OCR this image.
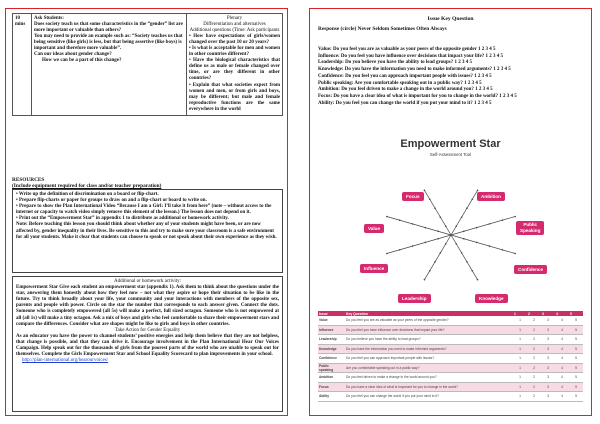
10 mins	
Ask Students:
Does society teach us that some characteristics in the “gender” list are more important or valuable than others?
You may need to provide an example such as: “Society teaches us that being sensitive (like girls) is less, but that being assertive (like boys) is important and therefore more valuable”.
Can our ideas about gender change?
How we can be a part of this change?

Plenary
Differentiation and alternatives
Additional questions (Time: Ask participants
• How have expectations of girls/women changed over the past 10 or 20 years?
• Is what is acceptable for men and women in other countries different?
• Have the biological characteristics that define us as male or female changed over time, or are they different in other countries?
• Explain that what societies expect from women and men, or from girls and boys, may be different; but male and female reproductive functions are the same everywhere in the world
RESOURCES
(Include equipment required for class and/or teacher preparation)
• Write up the definition of discrimination on a board or flip-chart.
• Prepare flip-charts or paper for groups to draw on and a flip-chart or board to write on.
• Prepare to show the Plan International Video “Because I am a Girl: I’ll take it from here” (note – without access to the internet or capacity to watch video simply remove this element of the lesson.) The lesson does not depend on it.
• Print out the “Empowerment Star” in appendix 1 to distribute as additional or homework activity.
Note: Before teaching this lesson you should think about whether any of your students might have been, or are now affected by, gender inequality in their lives. Be sensitive to this and try to make sure your classroom is a safe environment for all your students. Make it clear that students can choose to speak or not speak about their own experience as they wish.
Additional or homework activity:
Empowerment Star Give each student an empowerment star (appendix 1). Ask them to think about the questions under the star, answering them honestly about how they feel now – not what they aspire or hope their situation to be like in the future. Try to think broadly about your life, your community and your interactions with members of the opposite sex, parents and people with power. Circle on the star the number that corresponds to each answer given. Connect the dots. Someone who is completely empowered (all 5s) will make a perfect, full sized octagon. Someone who is not empowered at all (all 1s) will make a tiny octagon. Ask a mix of boys and girls who feel comfortable to share their empowerment stars and compare the differences. Consider what are shapes might be like to girls and boys in other countries.
Take Action for Gender Equality
As an educator you have the power to channel students’ positive energies and help them believe that they are not helpless, that change is possible, and that they can drive it. Encourage involvement in the Plan International Hear Our Voices Campaign. Help speak out for the thousands of girls from the poorest parts of the world who are unable to speak out for themselves. Complete the Girls Empowerment Star and School Equality Scorecard to plan improvements in your school.
http://plan-international.org/hearourvoices/
Issue Key Question
Response (circle) Never Seldom Sometimes Often Always
Value: Do you feel you are as valuable as your peers of the opposite gender 1 2 3 4 5
Influence: Do you feel you have influence over decisions that impact your life? 1 2 3 4 5
Leadership: Do you believe you have the ability to lead groups? 1 2 3 4 5
Knowledge: Do you have the information you need to make informed arguments? 1 2 3 4 5
Confidence: Do you feel you can approach important people with issues? 1 2 3 4 5
Public speaking: Are you comfortable speaking out in a public way? 1 2 3 4 5
Ambition: Do you feel driven to make a change in the world around you? 1 2 3 4 5
Focus: Do you have a clear idea of what is important for you to change in the world? 1 2 3 4 5
Ability: Do you feel you can change the world if you put your mind to it? 1 2 3 4 5
Empowerment Star
Self-Assessment Tool
Focus	Ambition
Value
Public
Speaking
Influence	Confidence
Leadership	Knowledge
Issue	Key Question	1	2	3	4	5
Value	Do you feel you are as valuable as your peers of the opposite gender?	1	2	3	4	5
Influence	Do you feel you have influence over decisions that impact your life?	1	2	3	4	5
Leadership	Do you believe you have the ability to lead groups?	1	2	3	4	5
Knowledge	Do you have the information you need to make informed arguments?	1	2	3	4	5
Confidence	Do you feel you can approach important people with issues?	1	2	3	4	5
Public speaking	Are you comfortable speaking out in a public way?	1	2	3	4	5
Ambition	Do you feel driven to make a change in the world around you?	1	2	3	4	5
Focus	Do you have a clear idea of what is important for you to change in the world?	1	2	3	4	5
Ability	Do you feel you can change the world if you put your mind to it?	1	2	3	4	5
